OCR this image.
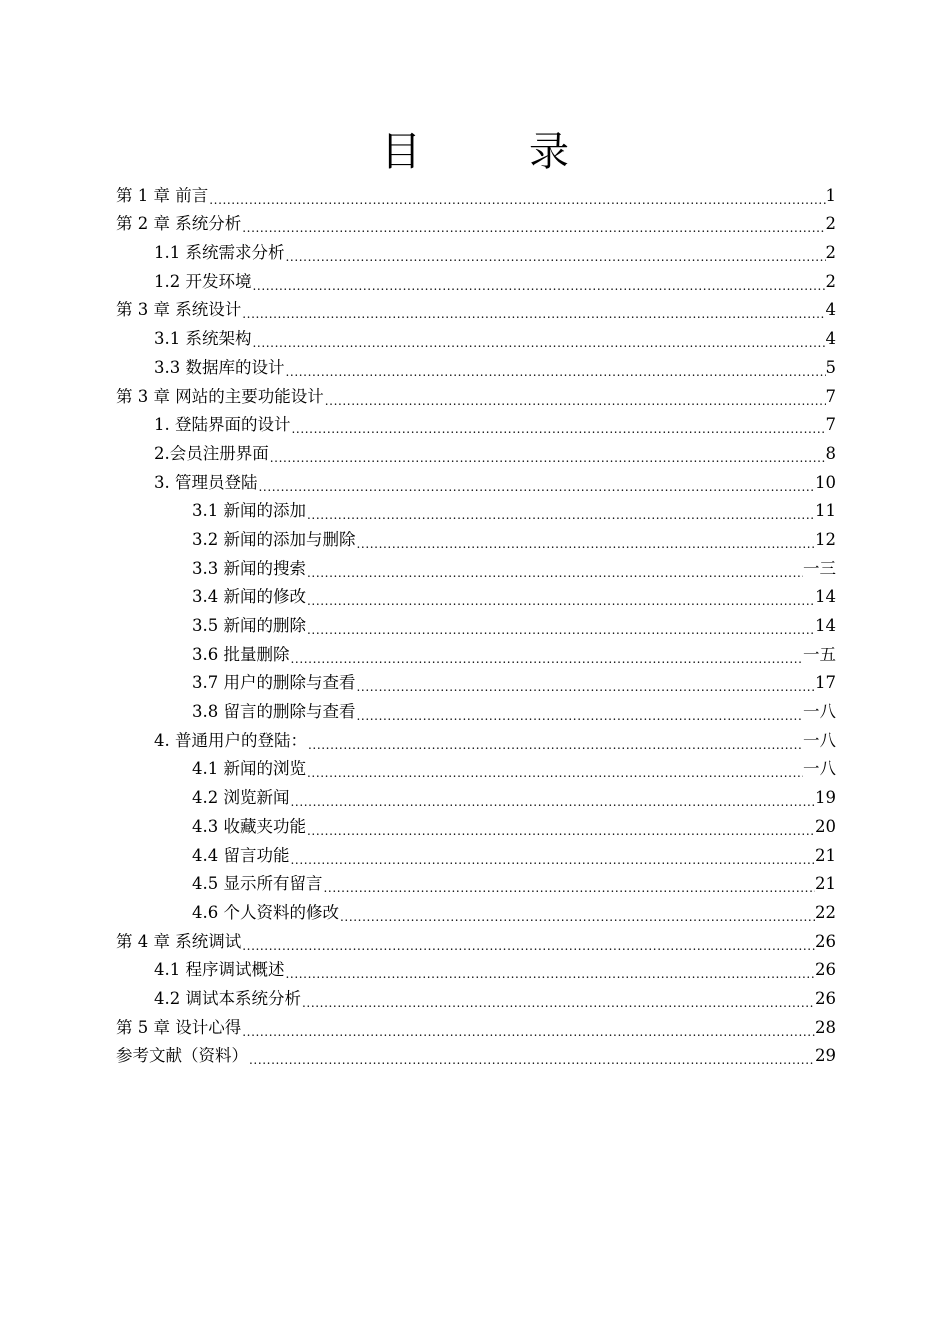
目　录
第 1 章 前言 .....	1
第 2 章 系统分析 .....	2
1.1 系统需求分析 .....	2
1.2 开发环境 .....	2
第 3 章 系统设计 .....	4
3.1 系统架构 .....	4
3.3 数据库的设计 .....	5
第 3 章 网站的主要功能设计 .....	7
1. 登陆界面的设计 .....	7
2.会员注册界面 .....	8
3. 管理员登陆 .....	10
3.1 新闻的添加 .....	11
3.2 新闻的添加与删除 .....	12
3.3 新闻的搜索 .....	一三
3.4 新闻的修改 .....	14
3.5 新闻的删除 .....	14
3.6 批量删除 .....	一五
3.7 用户的删除与查看 .....	17
3.8 留言的删除与查看 .....	一八
4. 普通用户的登陆： .....	一八
4.1 新闻的浏览 .....	一八
4.2 浏览新闻 .....	19
4.3 收藏夹功能 .....	20
4.4 留言功能 .....	21
4.5 显示所有留言 .....	21
4.6 个人资料的修改 .....	22
第 4 章 系统调试 .....	26
4.1 程序调试概述 .....	26
4.2 调试本系统分析 .....	26
第 5 章 设计心得 .....	28
参考文献（资料） .....	29
